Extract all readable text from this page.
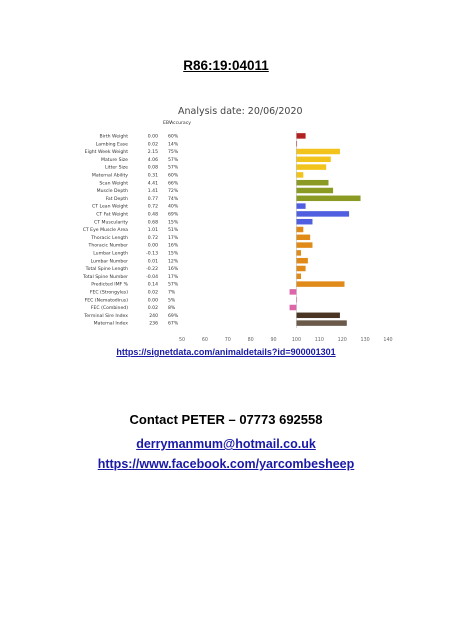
R86:19:04011
Analysis date: 20/06/2020
EBV
Accuracy
Birth Weight	0.00 60%
Lambing Ease	0.02 14%
Eight Week Weight	2.15 75%
Mature Size	4.06 57%
Litter Size	0.08 57%
Maternal Ability	0.31 60%
Scan Weight	4.41 66%
Muscle Depth	1.41 72%
Fat Depth	0.77 74%
CT Lean Weight	0.72 40%
CT Fat Weight	0.48 69%
CT Muscularity	0.68 15%
CT Eye Muscle Area	1.01 51%
Thoracic Length	0.72 17%
Thoracic Number	0.00 16%
Lumbar Length	-0.13 15%
Lumbar Number	0.01 12%
Total Spine Length	-0.22 16%
Total Spine Number	-0.04 17%
Predicted IMF %	0.14 57%
FEC (Strongyles)	0.02 7%
FEC (Nematodirus)	0.00 5%
FEC (Combined)	0.02 8%
Terminal Sire Index	240 69%
Maternal Index	236 67%
50	60	70	80	90	100	110	120	130	140
https://signetdata.com/animaldetails?id=900001301
Contact PETER – 07773 692558
derrymanmum@hotmail.co.uk
https://www.facebook.com/yarcombesheep
